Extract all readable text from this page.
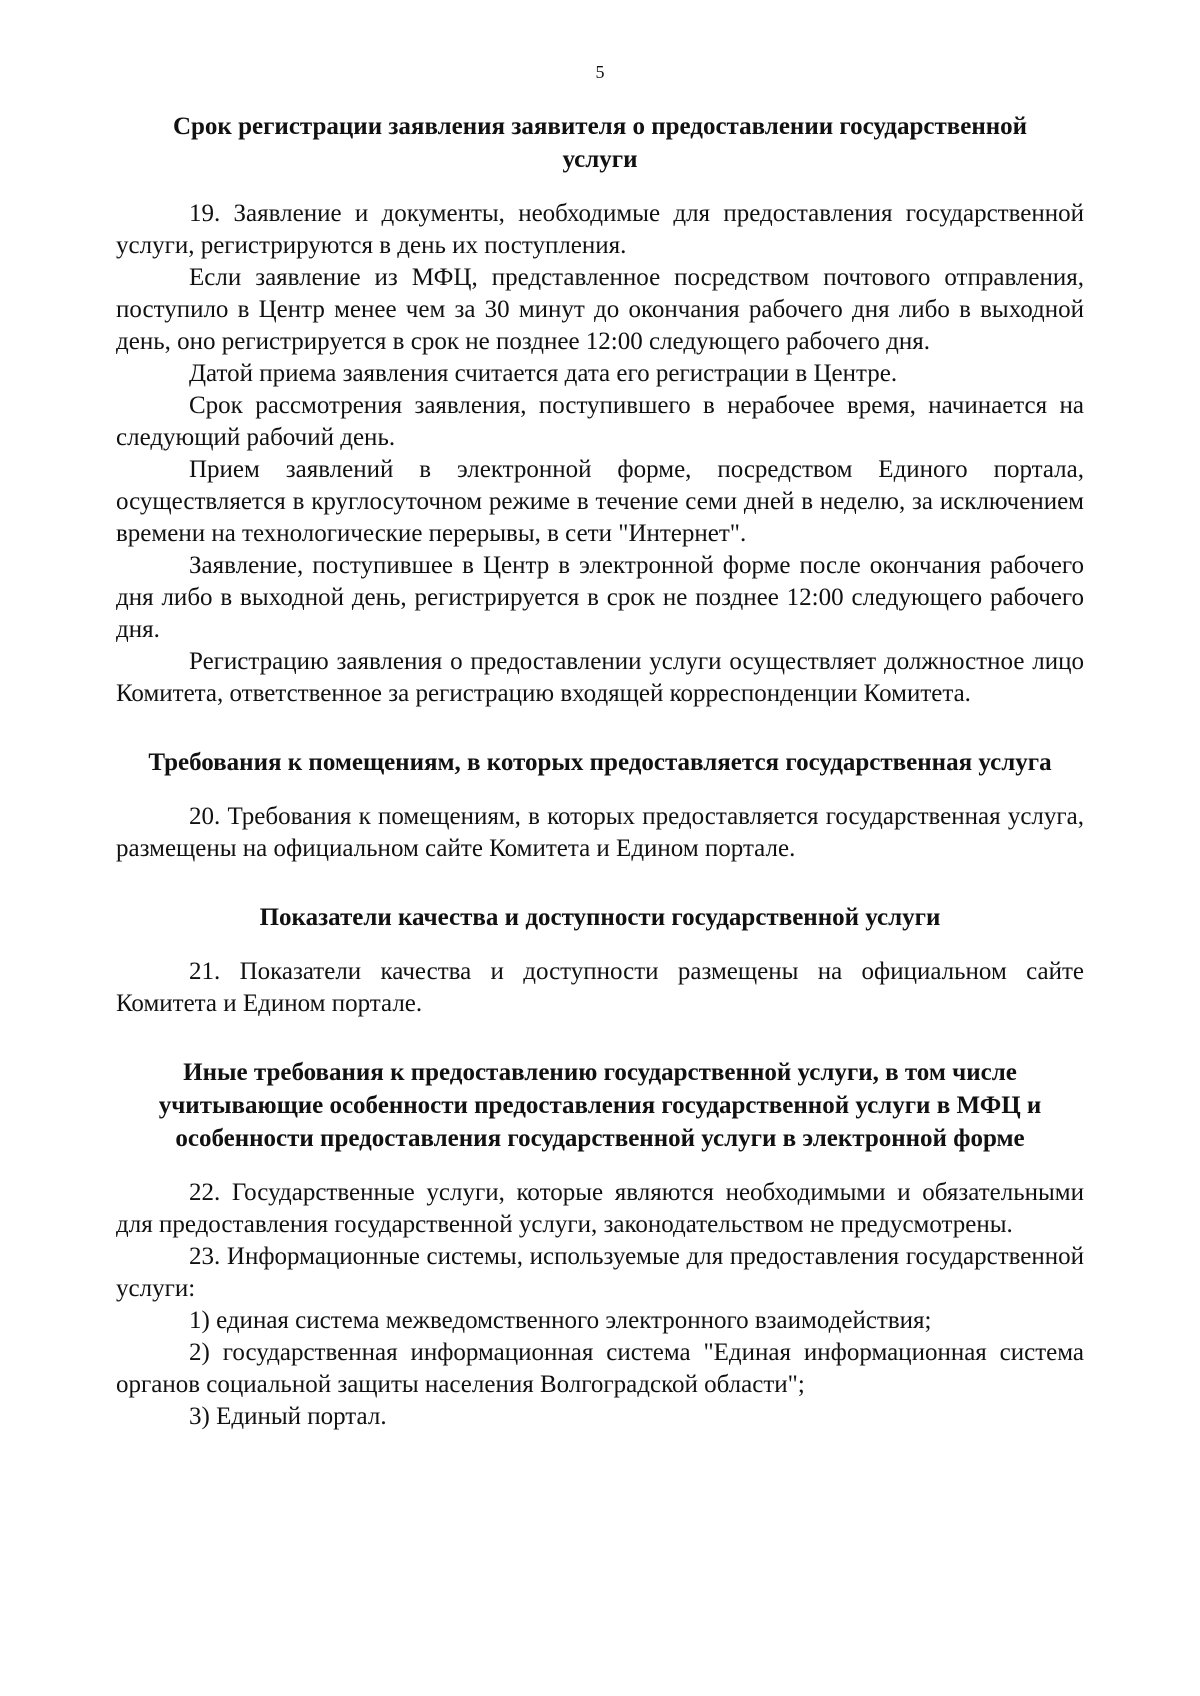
5
Срок регистрации заявления заявителя о предоставлении государственной услуги

19. Заявление и документы, необходимые для предоставления государственной услуги, регистрируются в день их поступления.

Если заявление из МФЦ, представленное посредством почтового отправления, поступило в Центр менее чем за 30 минут до окончания рабочего дня либо в выходной день, оно регистрируется в срок не позднее 12:00 следующего рабочего дня.

Датой приема заявления считается дата его регистрации в Центре.

Срок рассмотрения заявления, поступившего в нерабочее время, начинается на следующий рабочий день.

Прием заявлений в электронной форме, посредством Единого портала, осуществляется в круглосуточном режиме в течение семи дней в неделю, за исключением времени на технологические перерывы, в сети "Интернет".

Заявление, поступившее в Центр в электронной форме после окончания рабочего дня либо в выходной день, регистрируется в срок не позднее 12:00 следующего рабочего дня.

Регистрацию заявления о предоставлении услуги осуществляет должностное лицо Комитета, ответственное за регистрацию входящей корреспонденции Комитета.

Требования к помещениям, в которых предоставляется государственная услуга

20. Требования к помещениям, в которых предоставляется государственная услуга, размещены на официальном сайте Комитета и Едином портале.

Показатели качества и доступности государственной услуги

21. Показатели качества и доступности размещены на официальном сайте Комитета и Едином портале.

Иные требования к предоставлению государственной услуги, в том числе учитывающие особенности предоставления государственной услуги в МФЦ и особенности предоставления государственной услуги в электронной форме

22. Государственные услуги, которые являются необходимыми и обязательными для предоставления государственной услуги, законодательством не предусмотрены.

23. Информационные системы, используемые для предоставления государственной услуги:

1) единая система межведомственного электронного взаимодействия;

2) государственная информационная система "Единая информационная система органов социальной защиты населения Волгоградской области";

3) Единый портал.
